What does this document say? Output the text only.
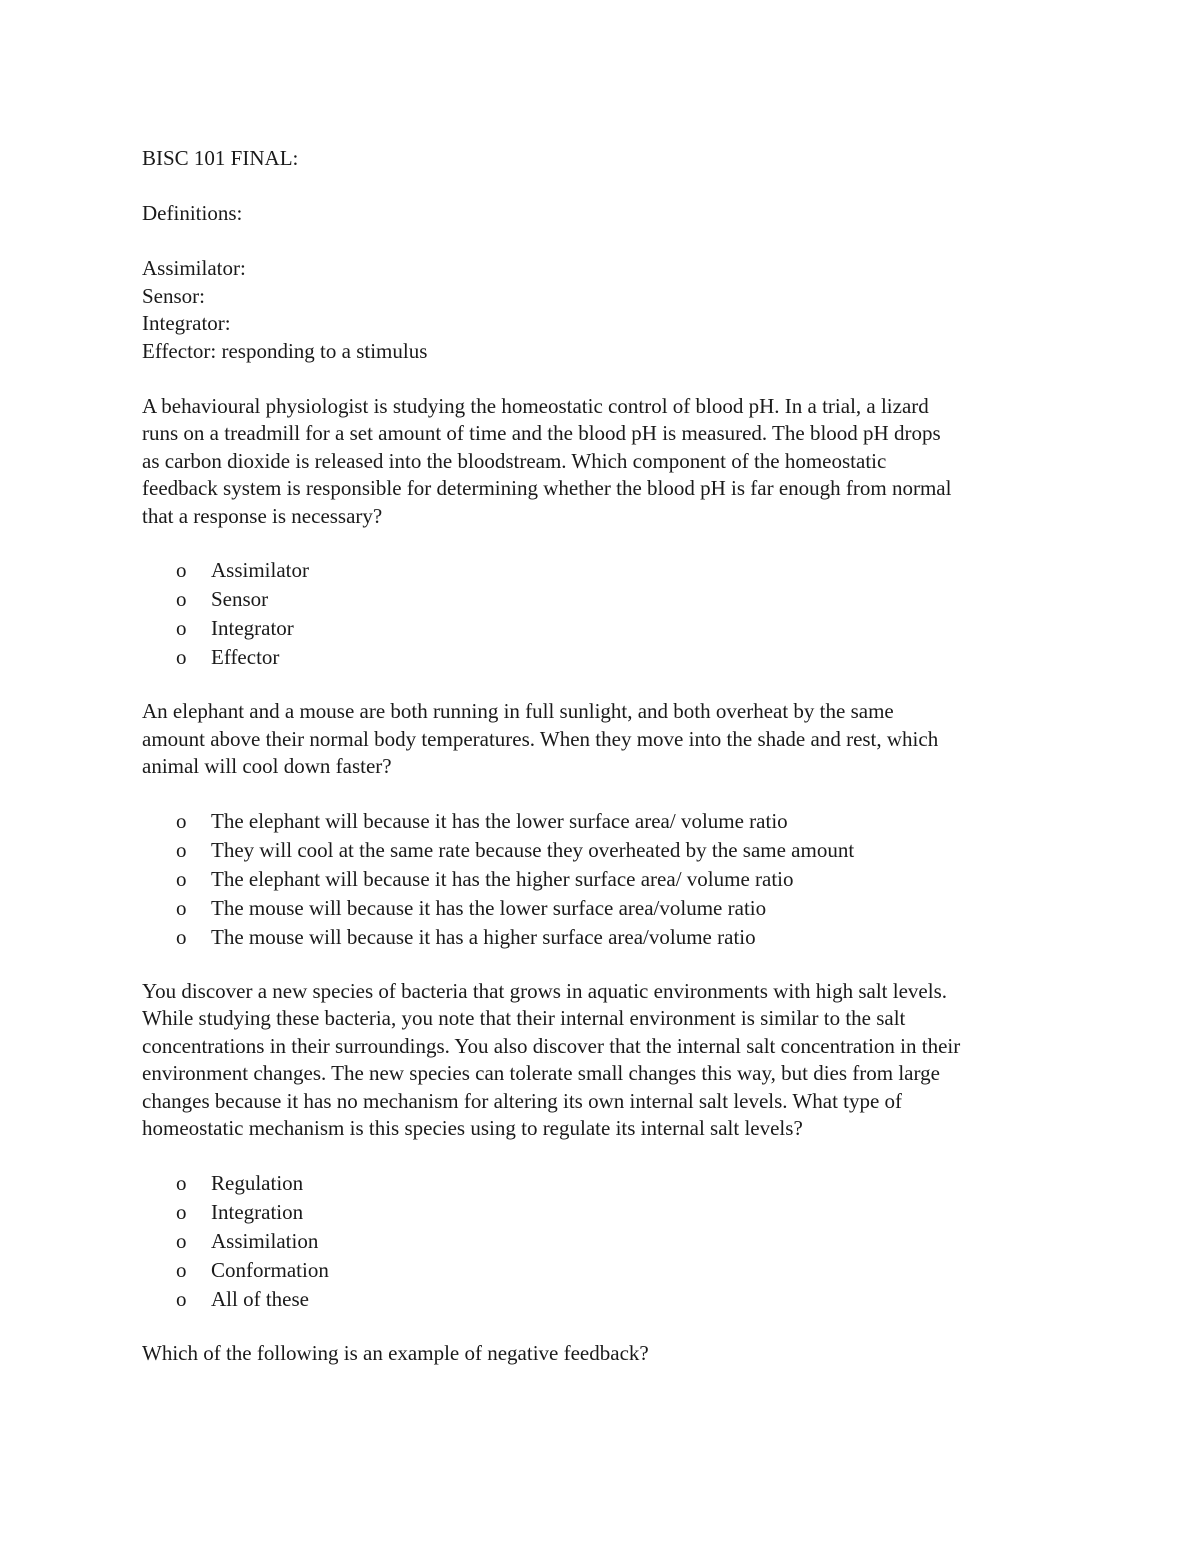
BISC 101 FINAL:

Definitions:

Assimilator:

Sensor:

Integrator:

Effector: responding to a stimulus

A behavioural physiologist is studying the homeostatic control of blood pH. In a trial, a lizard

runs on a treadmill for a set amount of time and the blood pH is measured. The blood pH drops

as carbon dioxide is released into the bloodstream. Which component of the homeostatic

feedback system is responsible for determining whether the blood pH is far enough from normal

that a response is necessary?

o Assimilator
o Sensor
o Integrator
o Effector

An elephant and a mouse are both running in full sunlight, and both overheat by the same

amount above their normal body temperatures. When they move into the shade and rest, which

animal will cool down faster?

o The elephant will because it has the lower surface area/ volume ratio
o They will cool at the same rate because they overheated by the same amount
o The elephant will because it has the higher surface area/ volume ratio
o The mouse will because it has the lower surface area/volume ratio
o The mouse will because it has a higher surface area/volume ratio

You discover a new species of bacteria that grows in aquatic environments with high salt levels.

While studying these bacteria, you note that their internal environment is similar to the salt

concentrations in their surroundings. You also discover that the internal salt concentration in their

environment changes. The new species can tolerate small changes this way, but dies from large

changes because it has no mechanism for altering its own internal salt levels. What type of

homeostatic mechanism is this species using to regulate its internal salt levels?

o Regulation
o Integration
o Assimilation
o Conformation
o All of these

Which of the following is an example of negative feedback?
